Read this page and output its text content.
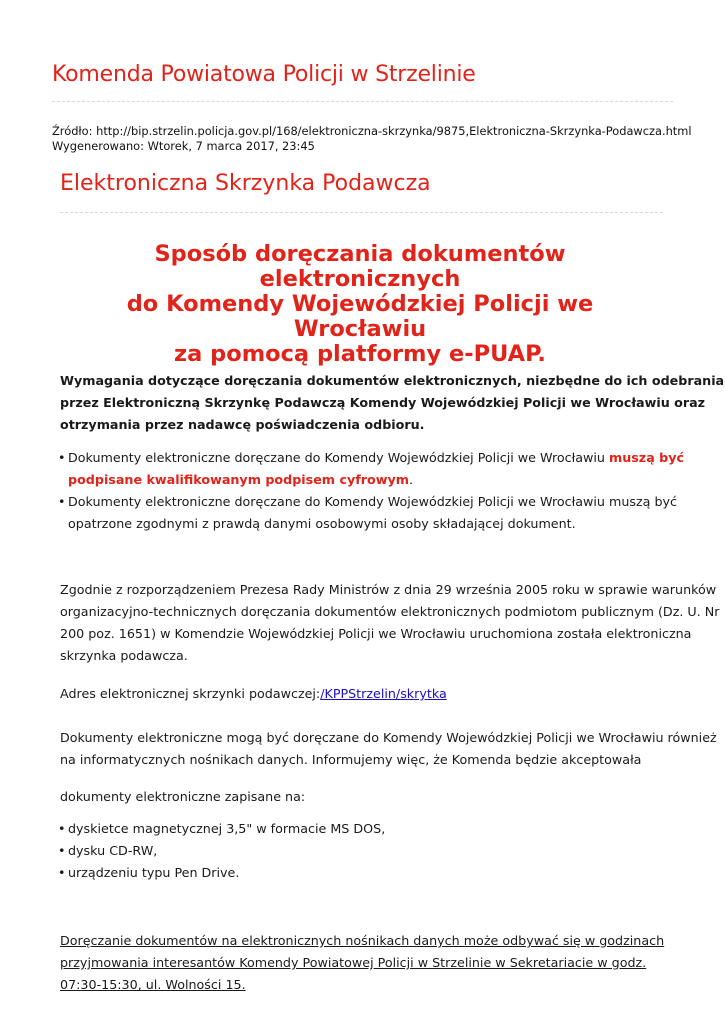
Komenda Powiatowa Policji w Strzelinie
Źródło: http://bip.strzelin.policja.gov.pl/168/elektroniczna-skrzynka/9875,Elektroniczna-Skrzynka-Podawcza.html
Wygenerowano: Wtorek, 7 marca 2017, 23:45
Elektroniczna Skrzynka Podawcza
Sposób doręczania dokumentów elektronicznych
do Komendy Wojewódzkiej Policji we Wrocławiu
za pomocą platformy e-PUAP.

Wymagania dotyczące doręczania dokumentów elektronicznych, niezbędne do ich odebrania
przez Elektroniczną Skrzynkę Podawczą Komendy Wojewódzkiej Policji we Wrocławiu oraz
otrzymania przez nadawcę poświadczenia odbioru.

• Dokumenty elektroniczne doręczane do Komendy Wojewódzkiej Policji we Wrocławiu muszą być
podpisane kwalifikowanym podpisem cyfrowym.
• Dokumenty elektroniczne doręczane do Komendy Wojewódzkiej Policji we Wrocławiu muszą być
opatrzone zgodnymi z prawdą danymi osobowymi osoby składającej dokument.

Zgodnie z rozporządzeniem Prezesa Rady Ministrów z dnia 29 września 2005 roku w sprawie warunków
organizacyjno-technicznych doręczania dokumentów elektronicznych podmiotom publicznym (Dz. U. Nr
200 poz. 1651) w Komendzie Wojewódzkiej Policji we Wrocławiu uruchomiona została elektroniczna
skrzynka podawcza.

Adres elektronicznej skrzynki podawczej:/KPPStrzelin/skrytka

Dokumenty elektroniczne mogą być doręczane do Komendy Wojewódzkiej Policji we Wrocławiu również
na informatycznych nośnikach danych. Informujemy więc, że Komenda będzie akceptowała

dokumenty elektroniczne zapisane na:

• dyskietce magnetycznej 3,5" w formacie MS DOS,
• dysku CD-RW,
• urządzeniu typu Pen Drive.

Doręczanie dokumentów na elektronicznych nośnikach danych może odbywać się w godzinach
przyjmowania interesantów Komendy Powiatowej Policji w Strzelinie w Sekretariacie w godz.
07:30-15:30, ul. Wolności 15.
